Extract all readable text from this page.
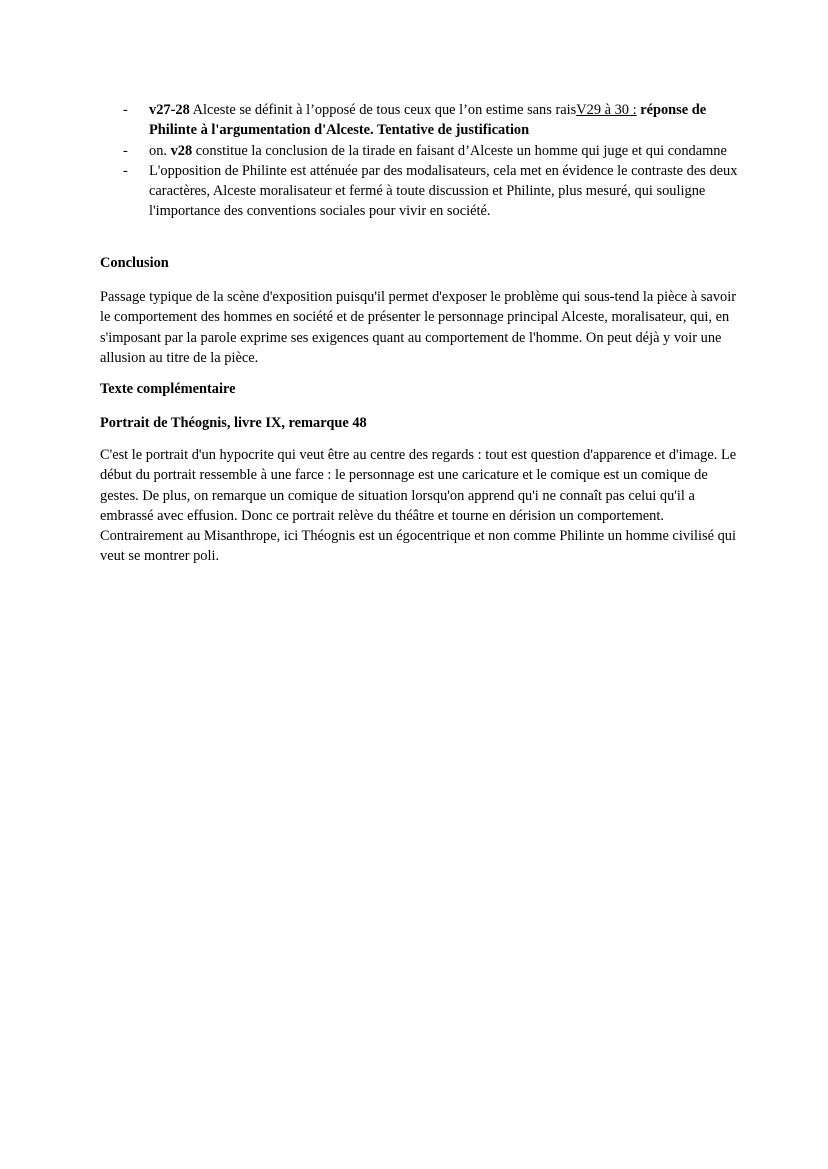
- v27-28 Alceste se définit à l’opposé de tous ceux que l’on estime sans raisV29 à 30 : réponse de Philinte à l'argumentation d'Alceste. Tentative de justification
- on. v28 constitue la conclusion de la tirade en faisant d’Alceste un homme qui juge et qui condamne
- L'opposition de Philinte est atténuée par des modalisateurs, cela met en évidence le contraste des deux caractères, Alceste moralisateur et fermé à toute discussion et Philinte, plus mesuré, qui souligne l'importance des conventions sociales pour vivir en société.

Conclusion

Passage typique de la scène d'exposition puisqu'il permet d'exposer le problème qui sous-tend la pièce à savoir le comportement des hommes en société et de présenter le personnage principal Alceste, moralisateur, qui, en s'imposant par la parole exprime ses exigences quant au comportement de l'homme. On peut déjà y voir une allusion au titre de la pièce.

Texte complémentaire

Portrait de Théognis, livre IX, remarque 48

C'est le portrait d'un hypocrite qui veut être au centre des regards : tout est question d'apparence et d'image. Le début du portrait ressemble à une farce : le personnage est une caricature et le comique est un comique de gestes. De plus, on remarque un comique de situation lorsqu'on apprend qu'i ne connaît pas celui qu'il a embrassé avec effusion. Donc ce portrait relève du théâtre et tourne en dérision un comportement. Contrairement au Misanthrope, ici Théognis est un égocentrique et non comme Philinte un homme civilisé qui veut se montrer poli.
